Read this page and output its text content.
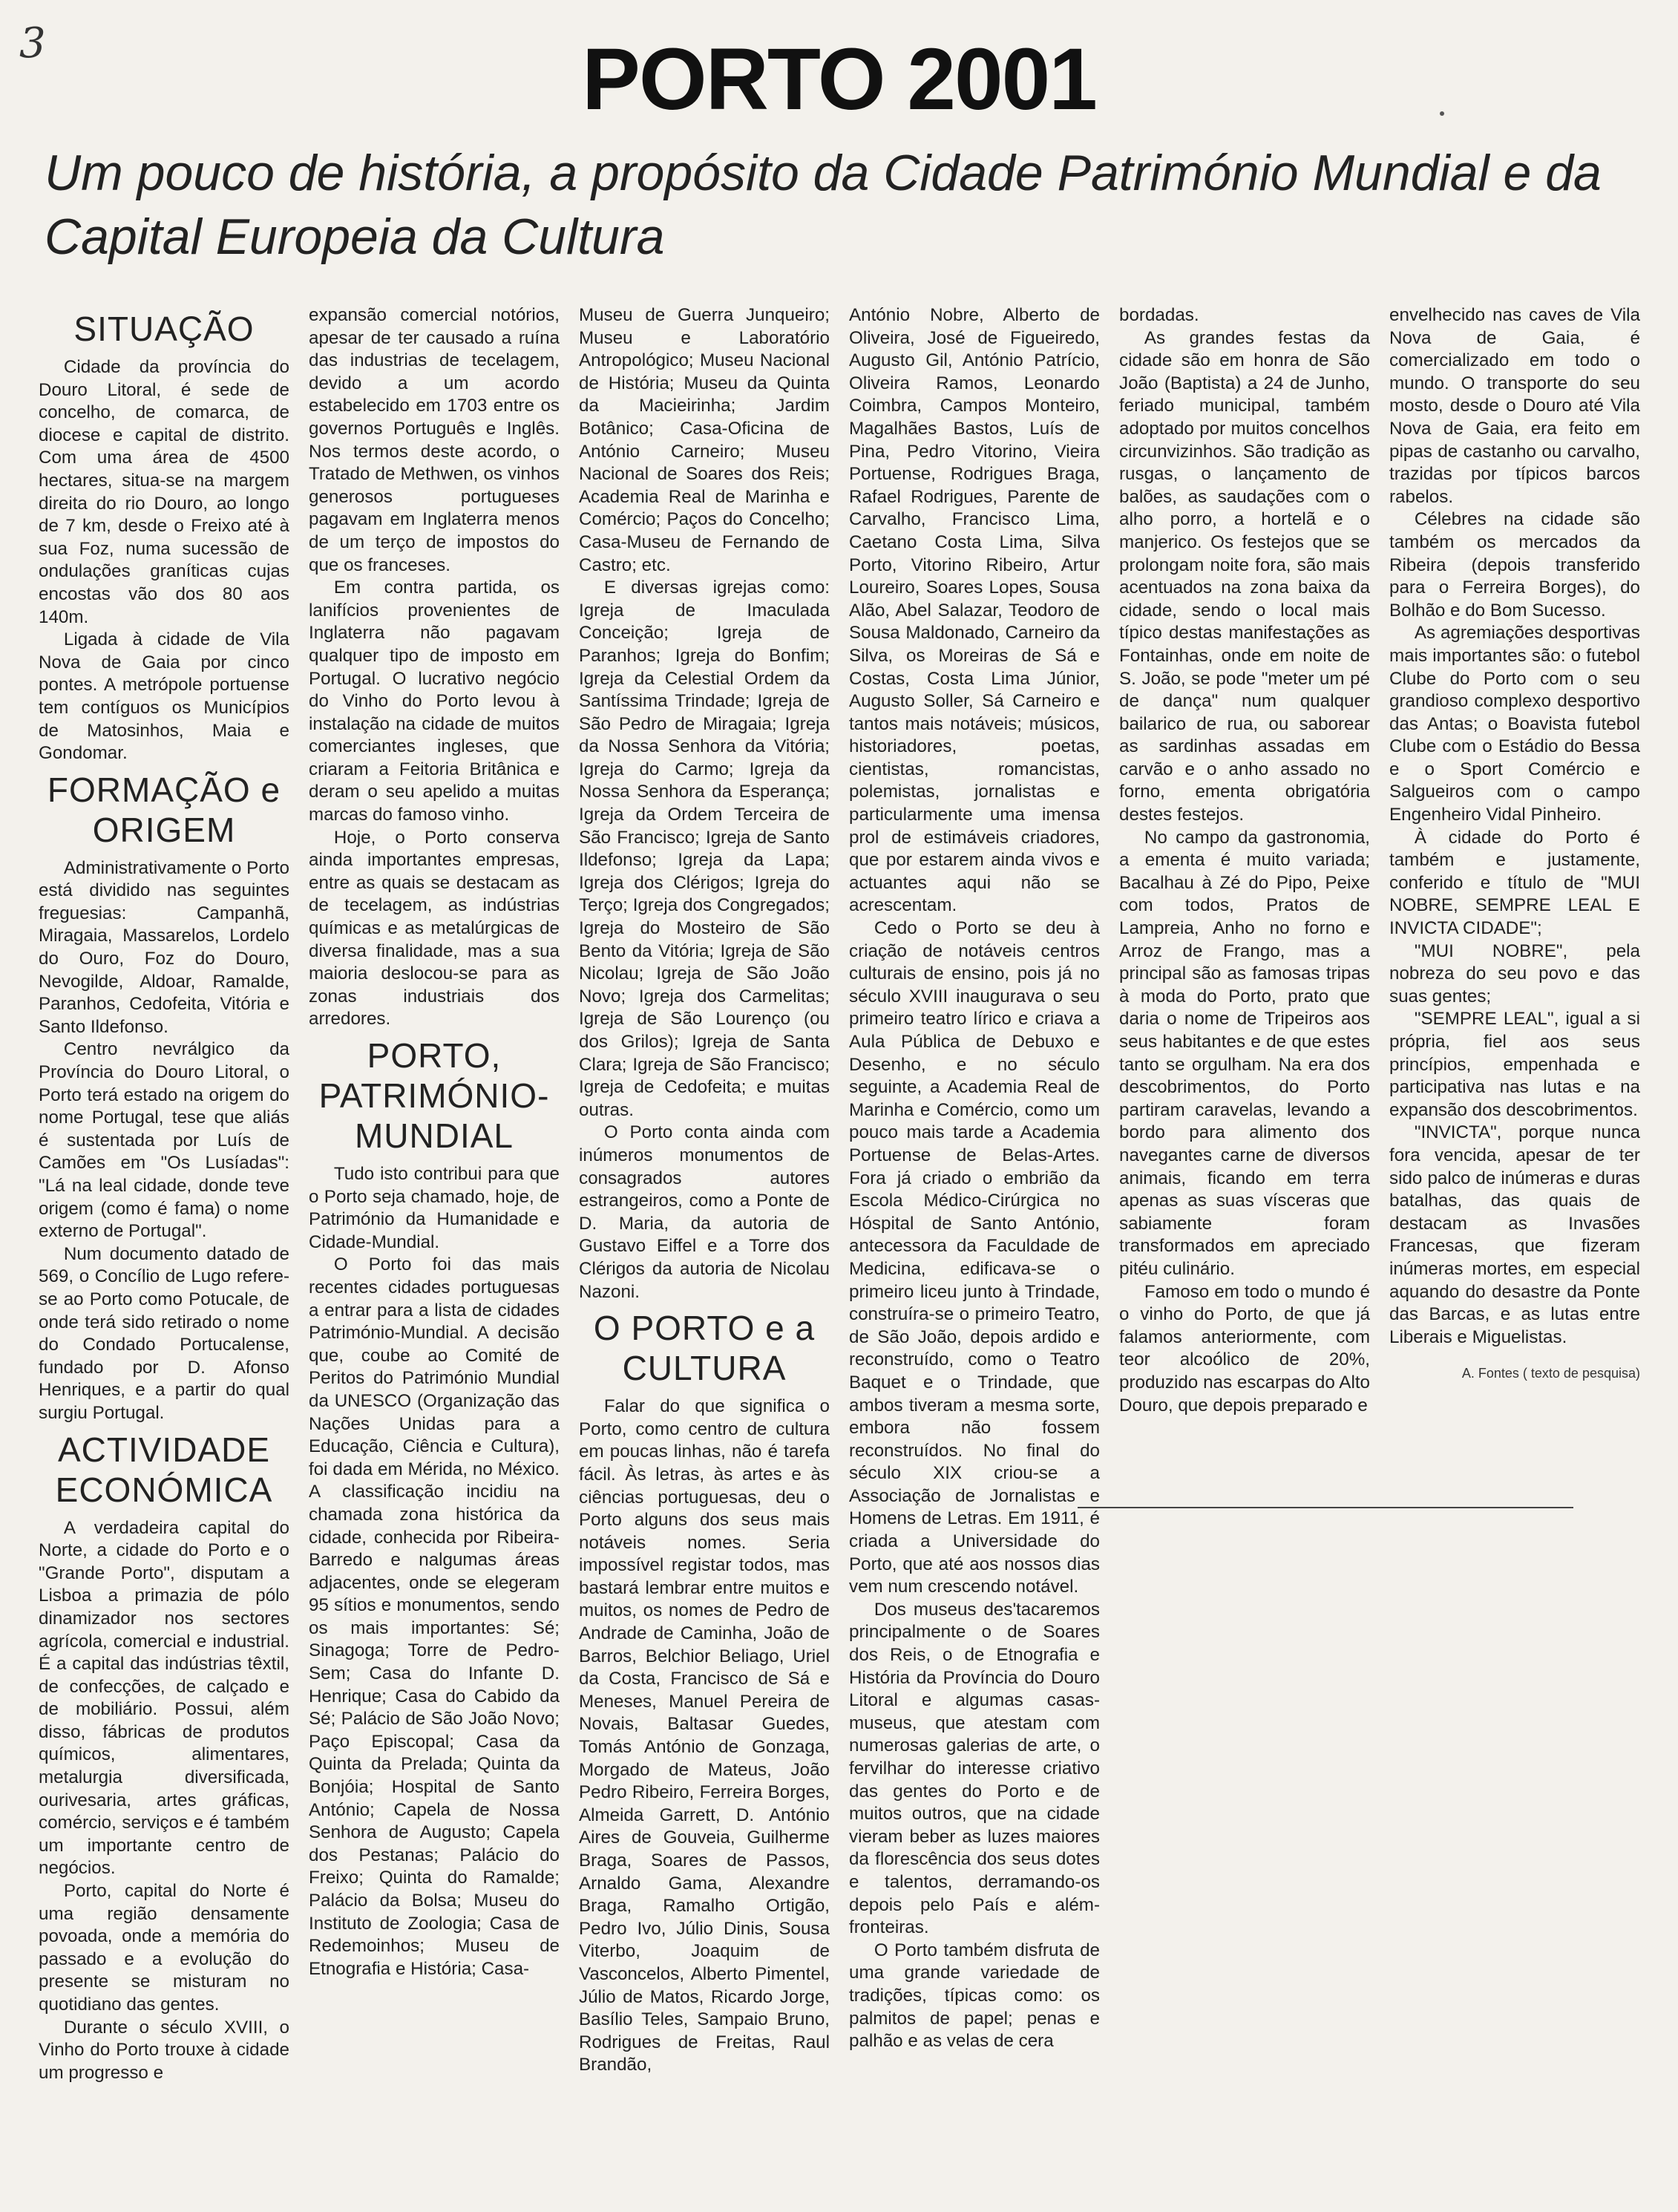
3	PORTO 2001
Um pouco de história, a propósito da Cidade Património Mundial e da Capital Europeia da Cultura
SITUAÇÃO

Cidade da província do Douro Litoral, é sede de concelho, de comarca, de diocese e capital de distrito. Com uma área de 4500 hectares, situa-se na margem direita do rio Douro, ao longo de 7 km, desde o Freixo até à sua Foz, numa sucessão de ondulações graníticas cujas encostas vão dos 80 aos 140m.

Ligada à cidade de Vila Nova de Gaia por cinco pontes. A metrópole portuense tem contíguos os Municípios de Matosinhos, Maia e Gondomar.

FORMAÇÃO e ORIGEM

Administrativamente o Porto está dividido nas seguintes freguesias: Campanhã, Miragaia, Massarelos, Lordelo do Ouro, Foz do Douro, Nevogilde, Aldoar, Ramalde, Paranhos, Cedofeita, Vitória e Santo Ildefonso.

Centro nevrálgico da Província do Douro Litoral, o Porto terá estado na origem do nome Portugal, tese que aliás é sustentada por Luís de Camões em "Os Lusíadas": "Lá na leal cidade, donde teve origem (como é fama) o nome externo de Portugal".

Num documento datado de 569, o Concílio de Lugo refere-se ao Porto como Potucale, de onde terá sido retirado o nome do Condado Portucalense, fundado por D. Afonso Henriques, e a partir do qual surgiu Portugal.

ACTIVIDADE ECONÓMICA

A verdadeira capital do Norte, a cidade do Porto e o "Grande Porto", disputam a Lisboa a primazia de pólo dinamizador nos sectores agrícola, comercial e industrial. É a capital das indústrias têxtil, de confecções, de calçado e de mobiliário. Possui, além disso, fábricas de produtos químicos, alimentares, metalurgia diversificada, ourivesaria, artes gráficas, comércio, serviços e é também um importante centro de negócios.

Porto, capital do Norte é uma região densamente povoada, onde a memória do passado e a evolução do presente se misturam no quotidiano das gentes.

Durante o século XVIII, o Vinho do Porto trouxe à cidade um progresso e

expansão comercial notórios, apesar de ter causado a ruína das industrias de tecelagem, devido a um acordo estabelecido em 1703 entre os governos Português e Inglês. Nos termos deste acordo, o Tratado de Methwen, os vinhos generosos portugueses pagavam em Inglaterra menos de um terço de impostos do que os franceses.

Em contra partida, os lanifícios provenientes de Inglaterra não pagavam qualquer tipo de imposto em Portugal. O lucrativo negócio do Vinho do Porto levou à instalação na cidade de muitos comerciantes ingleses, que criaram a Feitoria Britânica e deram o seu apelido a muitas marcas do famoso vinho.

Hoje, o Porto conserva ainda importantes empresas, entre as quais se destacam as de tecelagem, as indústrias químicas e as metalúrgicas de diversa finalidade, mas a sua maioria deslocou-se para as zonas industriais dos arredores.

PORTO, PATRIMÓNIO-MUNDIAL

Tudo isto contribui para que o Porto seja chamado, hoje, de Património da Humanidade e Cidade-Mundial.

O Porto foi das mais recentes cidades portuguesas a entrar para a lista de cidades Património-Mundial. A decisão que, coube ao Comité de Peritos do Património Mundial da UNESCO (Organização das Nações Unidas para a Educação, Ciência e Cultura), foi dada em Mérida, no México. A classificação incidiu na chamada zona histórica da cidade, conhecida por Ribeira-Barredo e nalgumas áreas adjacentes, onde se elegeram 95 sítios e monumentos, sendo os mais importantes: Sé; Sinagoga; Torre de Pedro-Sem; Casa do Infante D. Henrique; Casa do Cabido da Sé; Palácio de São João Novo; Paço Episcopal; Casa da Quinta da Prelada; Quinta da Bonjóia; Hospital de Santo António; Capela de Nossa Senhora de Augusto; Capela dos Pestanas; Palácio do Freixo; Quinta do Ramalde; Palácio da Bolsa; Museu do Instituto de Zoologia; Casa de Redemoinhos; Museu de Etnografia e História; Casa-

Museu de Guerra Junqueiro; Museu e Laboratório Antropológico; Museu Nacional de História; Museu da Quinta da Macieirinha; Jardim Botânico; Casa-Oficina de António Carneiro; Museu Nacional de Soares dos Reis; Academia Real de Marinha e Comércio; Paços do Concelho; Casa-Museu de Fernando de Castro; etc.

E diversas igrejas como: Igreja de Imaculada Conceição; Igreja de Paranhos; Igreja do Bonfim; Igreja da Celestial Ordem da Santíssima Trindade; Igreja de São Pedro de Miragaia; Igreja da Nossa Senhora da Vitória; Igreja do Carmo; Igreja da Nossa Senhora da Esperança; Igreja da Ordem Terceira de São Francisco; Igreja de Santo Ildefonso; Igreja da Lapa; Igreja dos Clérigos; Igreja do Terço; Igreja dos Congregados; Igreja do Mosteiro de São Bento da Vitória; Igreja de São Nicolau; Igreja de São João Novo; Igreja dos Carmelitas; Igreja de São Lourenço (ou dos Grilos); Igreja de Santa Clara; Igreja de São Francisco; Igreja de Cedofeita; e muitas outras.

O Porto conta ainda com inúmeros monumentos de consagrados autores estrangeiros, como a Ponte de D. Maria, da autoria de Gustavo Eiffel e a Torre dos Clérigos da autoria de Nicolau Nazoni.

O PORTO e a CULTURA

Falar do que significa o Porto, como centro de cultura em poucas linhas, não é tarefa fácil. Às letras, às artes e às ciências portuguesas, deu o Porto alguns dos seus mais notáveis nomes. Seria impossível registar todos, mas bastará lembrar entre muitos e muitos, os nomes de Pedro de Andrade de Caminha, João de Barros, Belchior Beliago, Uriel da Costa, Francisco de Sá e Meneses, Manuel Pereira de Novais, Baltasar Guedes, Tomás António de Gonzaga, Morgado de Mateus, João Pedro Ribeiro, Ferreira Borges, Almeida Garrett, D. António Aires de Gouveia, Guilherme Braga, Soares de Passos, Arnaldo Gama, Alexandre Braga, Ramalho Ortigão, Pedro Ivo, Júlio Dinis, Sousa Viterbo, Joaquim de Vasconcelos, Alberto Pimentel, Júlio de Matos, Ricardo Jorge, Basílio Teles, Sampaio Bruno, Rodrigues de Freitas, Raul Brandão,

António Nobre, Alberto de Oliveira, José de Figueiredo, Augusto Gil, António Patrício, Oliveira Ramos, Leonardo Coimbra, Campos Monteiro, Magalhães Bastos, Luís de Pina, Pedro Vitorino, Vieira Portuense, Rodrigues Braga, Rafael Rodrigues, Parente de Carvalho, Francisco Lima, Caetano Costa Lima, Silva Porto, Vitorino Ribeiro, Artur Loureiro, Soares Lopes, Sousa Alão, Abel Salazar, Teodoro de Sousa Maldonado, Carneiro da Silva, os Moreiras de Sá e Costas, Costa Lima Júnior, Augusto Soller, Sá Carneiro e tantos mais notáveis; músicos, historiadores, poetas, cientistas, romancistas, polemistas, jornalistas e particularmente uma imensa prol de estimáveis criadores, que por estarem ainda vivos e actuantes aqui não se acrescentam.

Cedo o Porto se deu à criação de notáveis centros culturais de ensino, pois já no século XVIII inaugurava o seu primeiro teatro lírico e criava a Aula Pública de Debuxo e Desenho, e no século seguinte, a Academia Real de Marinha e Comércio, como um pouco mais tarde a Academia Portuense de Belas-Artes. Fora já criado o embrião da Escola Médico-Cirúrgica no Hóspital de Santo António, antecessora da Faculdade de Medicina, edificava-se o primeiro liceu junto à Trindade, construíra-se o primeiro Teatro, de São João, depois ardido e reconstruído, como o Teatro Baquet e o Trindade, que ambos tiveram a mesma sorte, embora não fossem reconstruídos. No final do século XIX criou-se a Associação de Jornalistas e Homens de Letras. Em 1911, é criada a Universidade do Porto, que até aos nossos dias vem num crescendo notável.

Dos museus des'tacaremos principalmente o de Soares dos Reis, o de Etnografia e História da Província do Douro Litoral e algumas casas-museus, que atestam com numerosas galerias de arte, o fervilhar do interesse criativo das gentes do Porto e de muitos outros, que na cidade vieram beber as luzes maiores da florescência dos seus dotes e talentos, derramando-os depois pelo País e além-fronteiras.

O Porto também disfruta de uma grande variedade de tradições, típicas como: os palmitos de papel; penas e palhão e as velas de cera

bordadas.

As grandes festas da cidade são em honra de São João (Baptista) a 24 de Junho, feriado municipal, também adoptado por muitos concelhos circunvizinhos. São tradição as rusgas, o lançamento de balões, as saudações com o alho porro, a hortelã e o manjerico. Os festejos que se prolongam noite fora, são mais acentuados na zona baixa da cidade, sendo o local mais típico destas manifestações as Fontainhas, onde em noite de S. João, se pode "meter um pé de dança" num qualquer bailarico de rua, ou saborear as sardinhas assadas em carvão e o anho assado no forno, ementa obrigatória destes festejos.

No campo da gastronomia, a ementa é muito variada; Bacalhau à Zé do Pipo, Peixe com todos, Pratos de Lampreia, Anho no forno e Arroz de Frango, mas a principal são as famosas tripas à moda do Porto, prato que daria o nome de Tripeiros aos seus habitantes e de que estes tanto se orgulham. Na era dos descobrimentos, do Porto partiram caravelas, levando a bordo para alimento dos navegantes carne de diversos animais, ficando em terra apenas as suas vísceras que sabiamente foram transformados em apreciado pitéu culinário.

Famoso em todo o mundo é o vinho do Porto, de que já falamos anteriormente, com teor alcoólico de 20%, produzido nas escarpas do Alto Douro, que depois preparado e

envelhecido nas caves de Vila Nova de Gaia, é comercializado em todo o mundo. O transporte do seu mosto, desde o Douro até Vila Nova de Gaia, era feito em pipas de castanho ou carvalho, trazidas por típicos barcos rabelos.

Célebres na cidade são também os mercados da Ribeira (depois transferido para o Ferreira Borges), do Bolhão e do Bom Sucesso.

As agremiações desportivas mais importantes são: o futebol Clube do Porto com o seu grandioso complexo desportivo das Antas; o Boavista futebol Clube com o Estádio do Bessa e o Sport Comércio e Salgueiros com o campo Engenheiro Vidal Pinheiro.

À cidade do Porto é também e justamente, conferido e título de "MUI NOBRE, SEMPRE LEAL E INVICTA CIDADE";

"MUI NOBRE", pela nobreza do seu povo e das suas gentes;

"SEMPRE LEAL", igual a si própria, fiel aos seus princípios, empenhada e participativa nas lutas e na expansão dos descobrimentos.

"INVICTA", porque nunca fora vencida, apesar de ter sido palco de inúmeras e duras batalhas, das quais de destacam as Invasões Francesas, que fizeram inúmeras mortes, em especial aquando do desastre da Ponte das Barcas, e as lutas entre Liberais e Miguelistas.

A. Fontes ( texto de pesquisa)
